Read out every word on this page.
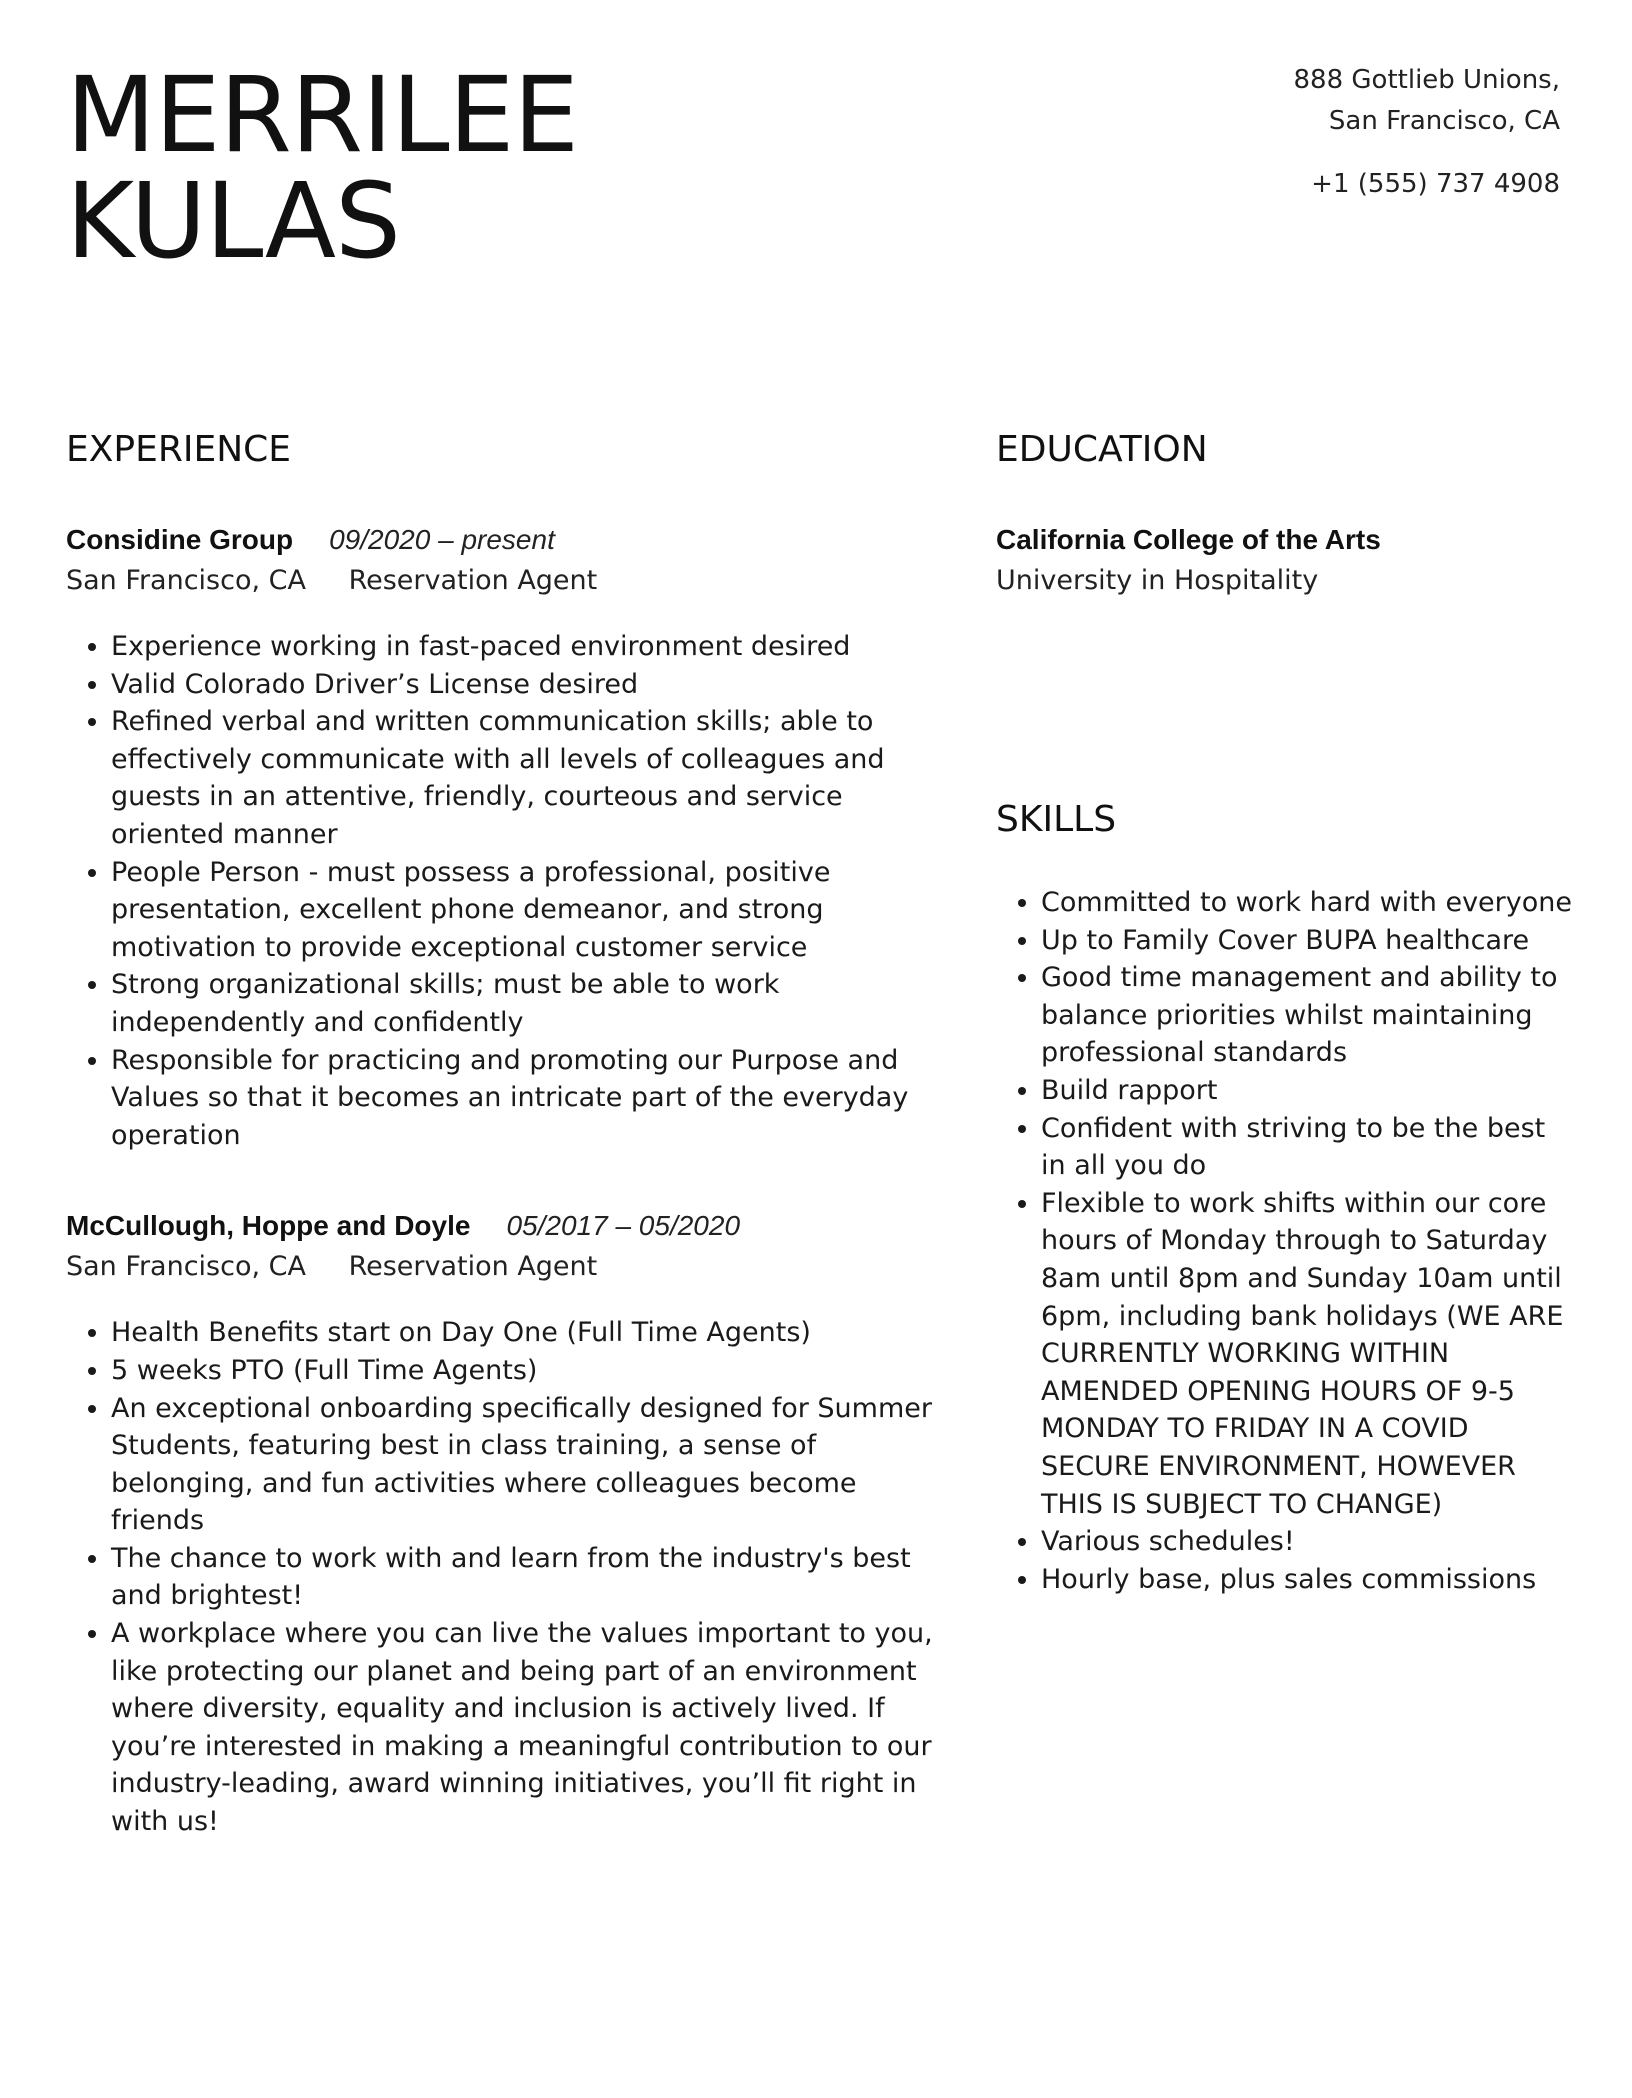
MERRILEE
KULAS
888 Gottlieb Unions,
San Francisco, CA
+1 (555) 737 4908
EXPERIENCE
Considine Group 09/2020 – present
San Francisco, CA Reservation Agent
• Experience working in fast-paced environment desired
• Valid Colorado Driver’s License desired
• Refined verbal and written communication skills; able to effectively communicate with all levels of colleagues and guests in an attentive, friendly, courteous and service oriented manner
• People Person - must possess a professional, positive presentation, excellent phone demeanor, and strong motivation to provide exceptional customer service
• Strong organizational skills; must be able to work independently and confidently
• Responsible for practicing and promoting our Purpose and Values so that it becomes an intricate part of the everyday operation
McCullough, Hoppe and Doyle 05/2017 – 05/2020
San Francisco, CA Reservation Agent
• Health Benefits start on Day One (Full Time Agents)
• 5 weeks PTO (Full Time Agents)
• An exceptional onboarding specifically designed for Summer Students, featuring best in class training, a sense of belonging, and fun activities where colleagues become friends
• The chance to work with and learn from the industry's best and brightest!
• A workplace where you can live the values important to you, like protecting our planet and being part of an environment where diversity, equality and inclusion is actively lived. If you’re interested in making a meaningful contribution to our industry-leading, award winning initiatives, you’ll fit right in with us!
EDUCATION
California College of the Arts
University in Hospitality
SKILLS
• Committed to work hard with everyone
• Up to Family Cover BUPA healthcare
• Good time management and ability to balance priorities whilst maintaining professional standards
• Build rapport
• Confident with striving to be the best in all you do
• Flexible to work shifts within our core hours of Monday through to Saturday 8am until 8pm and Sunday 10am until 6pm, including bank holidays (WE ARE CURRENTLY WORKING WITHIN AMENDED OPENING HOURS OF 9-5 MONDAY TO FRIDAY IN A COVID SECURE ENVIRONMENT, HOWEVER THIS IS SUBJECT TO CHANGE)
• Various schedules!
• Hourly base, plus sales commissions
